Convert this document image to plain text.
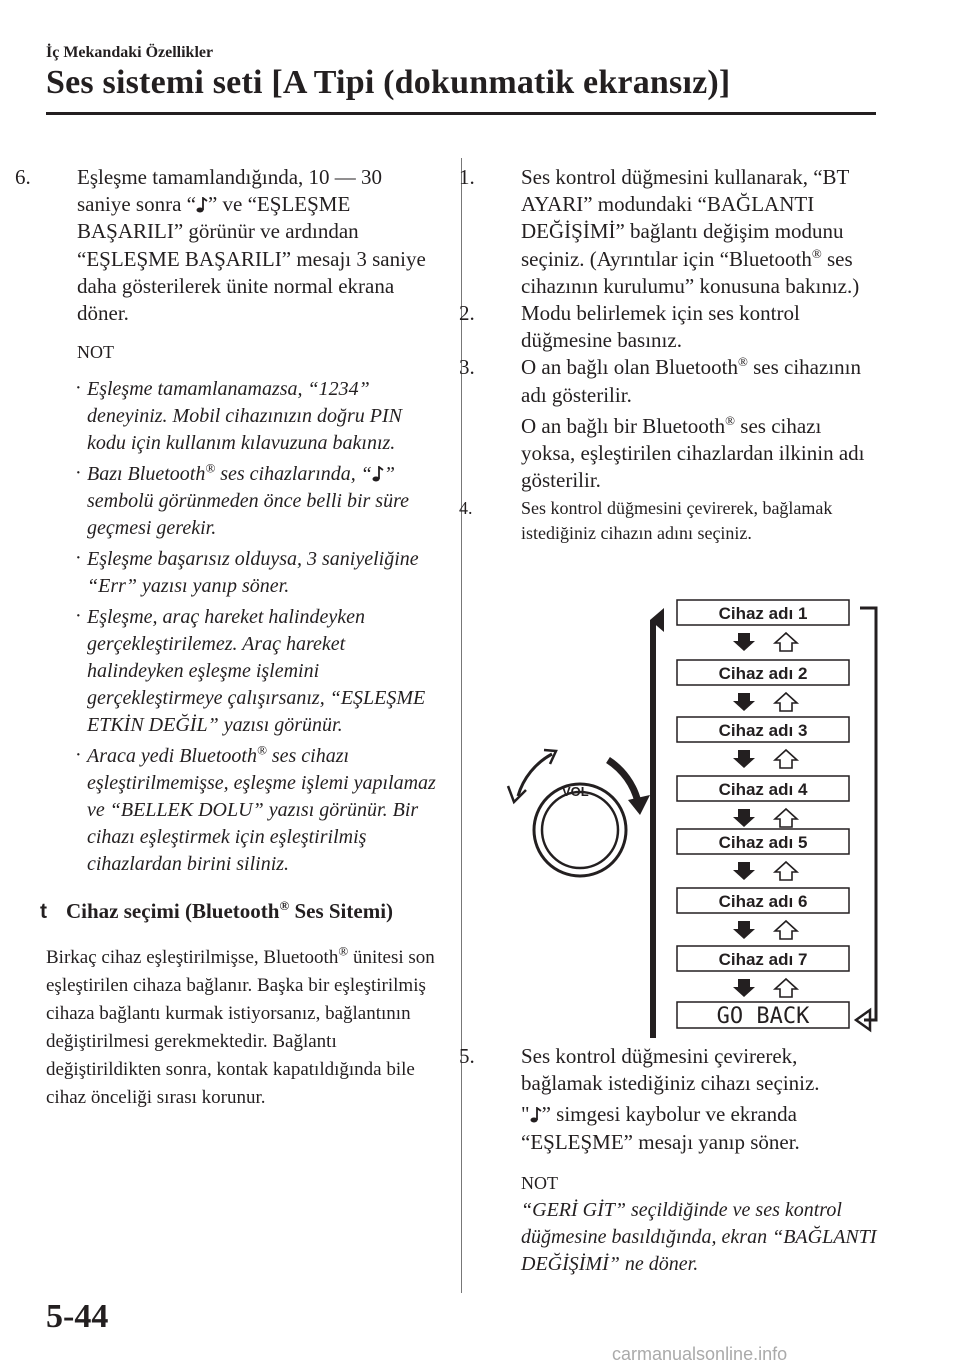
İç Mekandaki Özellikler
Ses sistemi seti [A Tipi (dokunmatik ekransız)]

6. Eşleşme tamamlandığında, 10 — 30 saniye sonra “ ” ve “EŞLEŞME BAŞARILI” görünür ve ardından “EŞLEŞME BAŞARILI” mesajı 3 saniye daha gösterilerek ünite normal ekrana döner.

NOT
· Eşleşme tamamlanamazsa, “1234” deneyiniz. Mobil cihazınızın doğru PIN kodu için kullanım kılavuzuna bakınız.
· Bazı Bluetooth® ses cihazlarında, “ ” sembolü görünmeden önce belli bir süre geçmesi gerekir.
· Eşleşme başarısız olduysa, 3 saniyeliğine “Err” yazısı yanıp söner.
· Eşleşme, araç hareket halindeyken gerçekleştirilemez. Araç hareket halindeyken eşleşme işlemini gerçekleştirmeye çalışırsanız, “EŞLEŞME ETKİN DEĞİL” yazısı görünür.
· Araca yedi Bluetooth® ses cihazı eşleştirilmemişse, eşleşme işlemi yapılamaz ve “BELLEK DOLU” yazısı görünür. Bir cihazı eşleştirmek için eşleştirilmiş cihazlardan birini siliniz.

t Cihaz seçimi (Bluetooth® Ses Sitemi)

Birkaç cihaz eşleştirilmişse, Bluetooth® ünitesi son eşleştirilen cihaza bağlanır. Başka bir eşleştirilmiş cihaza bağlantı kurmak istiyorsanız, bağlantının değiştirilmesi gerekmektedir. Bağlantı değiştirildikten sonra, kontak kapatıldığında bile cihaz önceliği sırası korunur.

1. Ses kontrol düğmesini kullanarak, “BT AYARI” modundaki “BAĞLANTI DEĞİŞİMİ” bağlantı değişim modunu seçiniz. (Ayrıntılar için “Bluetooth® ses cihazının kurulumu” konusuna bakınız.)

2. Modu belirlemek için ses kontrol düğmesine basınız.

3. O an bağlı olan Bluetooth® ses cihazının adı gösterilir.

O an bağlı bir Bluetooth® ses cihazı yoksa, eşleştirilen cihazlardan ilkinin adı gösterilir.

4.	Ses kontrol düğmesini çevirerek, bağlamak istediğiniz cihazın adını seçiniz.

VOL
Cihaz adı 1
Cihaz adı 2
Cihaz adı 3
Cihaz adı 4
Cihaz adı 5
Cihaz adı 6
Cihaz adı 7
GO BACK

5. Ses kontrol düğmesini çevirerek, bağlamak istediğiniz cihazı seçiniz.

" ” simgesi kaybolur ve ekranda “EŞLEŞME” mesajı yanıp söner.

NOT
“GERİ GİT” seçildiğinde ve ses kontrol düğmesine basıldığında, ekran “BAĞLANTI DEĞİŞİMİ” ne döner.
5-44
carmanualsonline.info
